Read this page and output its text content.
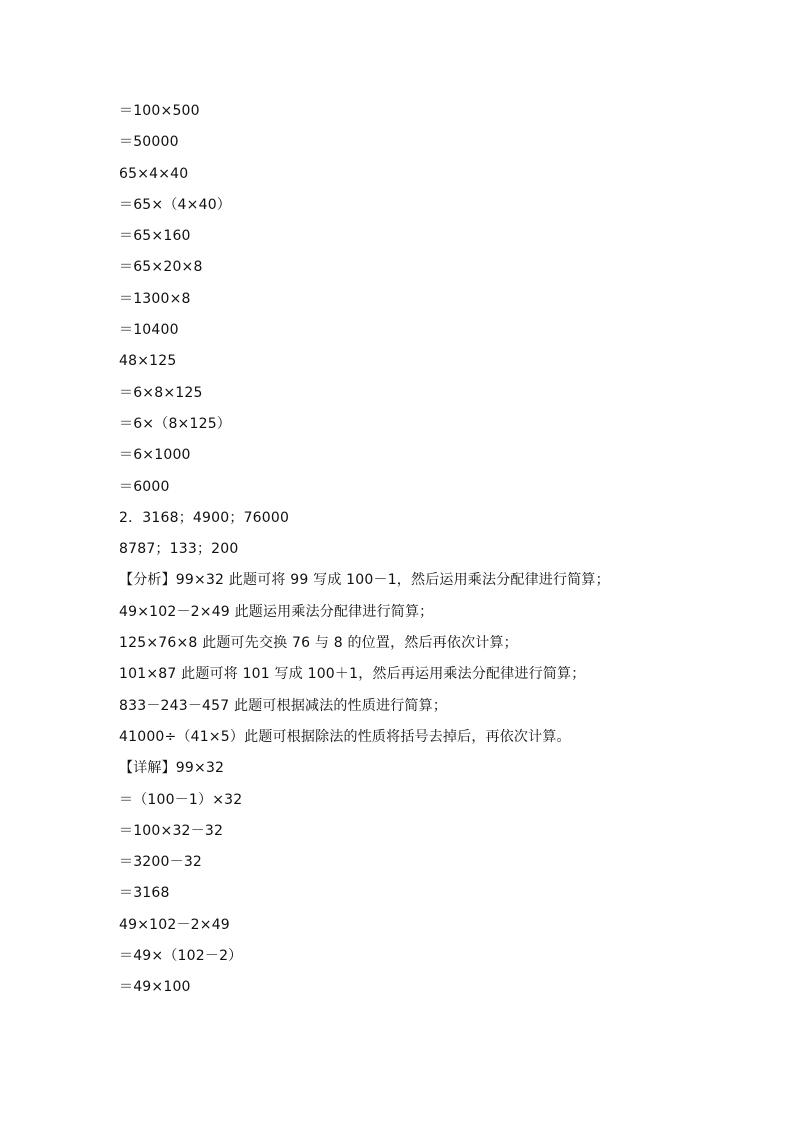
＝100×500
＝50000
65×4×40
＝65×（4×40）
＝65×160
＝65×20×8
＝1300×8
＝10400
48×125
＝6×8×125
＝6×（8×125）
＝6×1000
＝6000
2．3168；4900；76000
8787；133；200
【分析】99×32 此题可将 99 写成 100－1，然后运用乘法分配律进行简算；
49×102－2×49 此题运用乘法分配律进行简算；
125×76×8 此题可先交换 76 与 8 的位置，然后再依次计算；
101×87 此题可将 101 写成 100＋1，然后再运用乘法分配律进行简算；
833－243－457 此题可根据减法的性质进行简算；
41000÷（41×5）此题可根据除法的性质将括号去掉后，再依次计算。
【详解】99×32
＝（100－1）×32
＝100×32－32
＝3200－32
＝3168
49×102－2×49
＝49×（102－2）
＝49×100
